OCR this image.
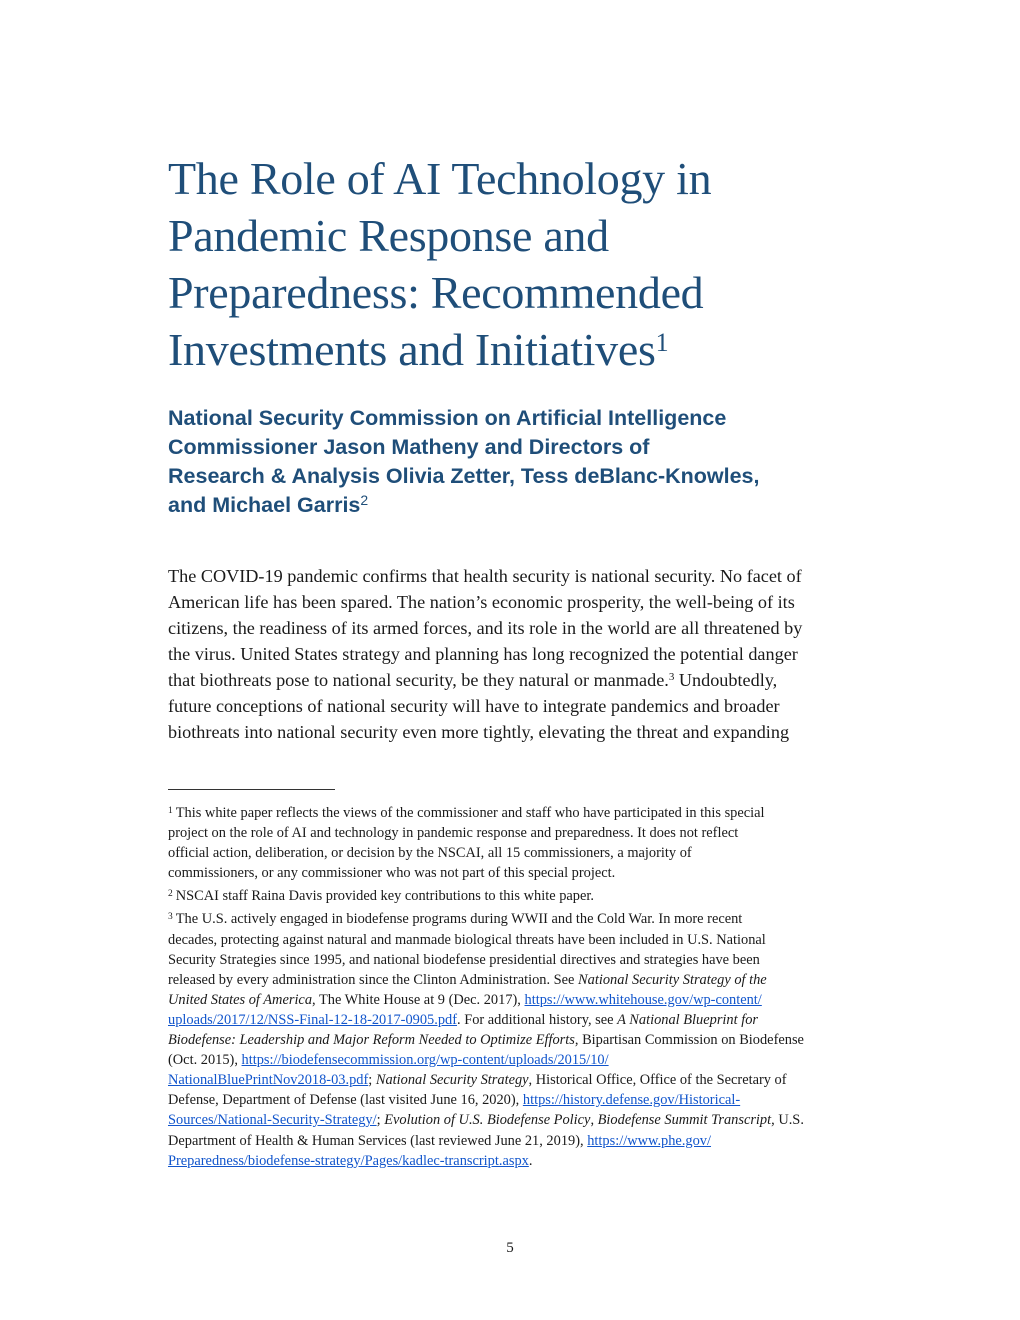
The Role of AI Technology in
Pandemic Response and
Preparedness: Recommended
Investments and Initiatives$^1$
National Security Commission on Artificial Intelligence
Commissioner Jason Matheny and Directors of
Research & Analysis Olivia Zetter, Tess deBlanc-Knowles,
and Michael Garris$^2$
The COVID-19 pandemic confirms that health security is national security. No facet of
American life has been spared. The nation’s economic prosperity, the well-being of its
citizens, the readiness of its armed forces, and its role in the world are all threatened by
the virus. United States strategy and planning has long recognized the potential danger
that biothreats pose to national security, be they natural or manmade.$^3$ Undoubtedly,
future conceptions of national security will have to integrate pandemics and broader
biothreats into national security even more tightly, elevating the threat and expanding
$^1$ This white paper reflects the views of the commissioner and staff who have participated in this special
project on the role of AI and technology in pandemic response and preparedness. It does not reflect
official action, deliberation, or decision by the NSCAI, all 15 commissioners, a majority of
commissioners, or any commissioner who was not part of this special project.
$^2$ NSCAI staff Raina Davis provided key contributions to this white paper.
$^3$ The U.S. actively engaged in biodefense programs during WWII and the Cold War. In more recent
decades, protecting against natural and manmade biological threats have been included in U.S. National
Security Strategies since 1995, and national biodefense presidential directives and strategies have been
released by every administration since the Clinton Administration. See National Security Strategy of the
United States of America, The White House at 9 (Dec. 2017), https://www.whitehouse.gov/wp-content/
uploads/2017/12/NSS-Final-12-18-2017-0905.pdf. For additional history, see A National Blueprint for
Biodefense: Leadership and Major Reform Needed to Optimize Efforts, Bipartisan Commission on Biodefense
(Oct. 2015), https://biodefensecommission.org/wp-content/uploads/2015/10/
NationalBluePrintNov2018-03.pdf; National Security Strategy, Historical Office, Office of the Secretary of
Defense, Department of Defense (last visited June 16, 2020), https://history.defense.gov/Historical-
Sources/National-Security-Strategy/; Evolution of U.S. Biodefense Policy, Biodefense Summit Transcript, U.S.
Department of Health & Human Services (last reviewed June 21, 2019), https://www.phe.gov/
Preparedness/biodefense-strategy/Pages/kadlec-transcript.aspx.
5
